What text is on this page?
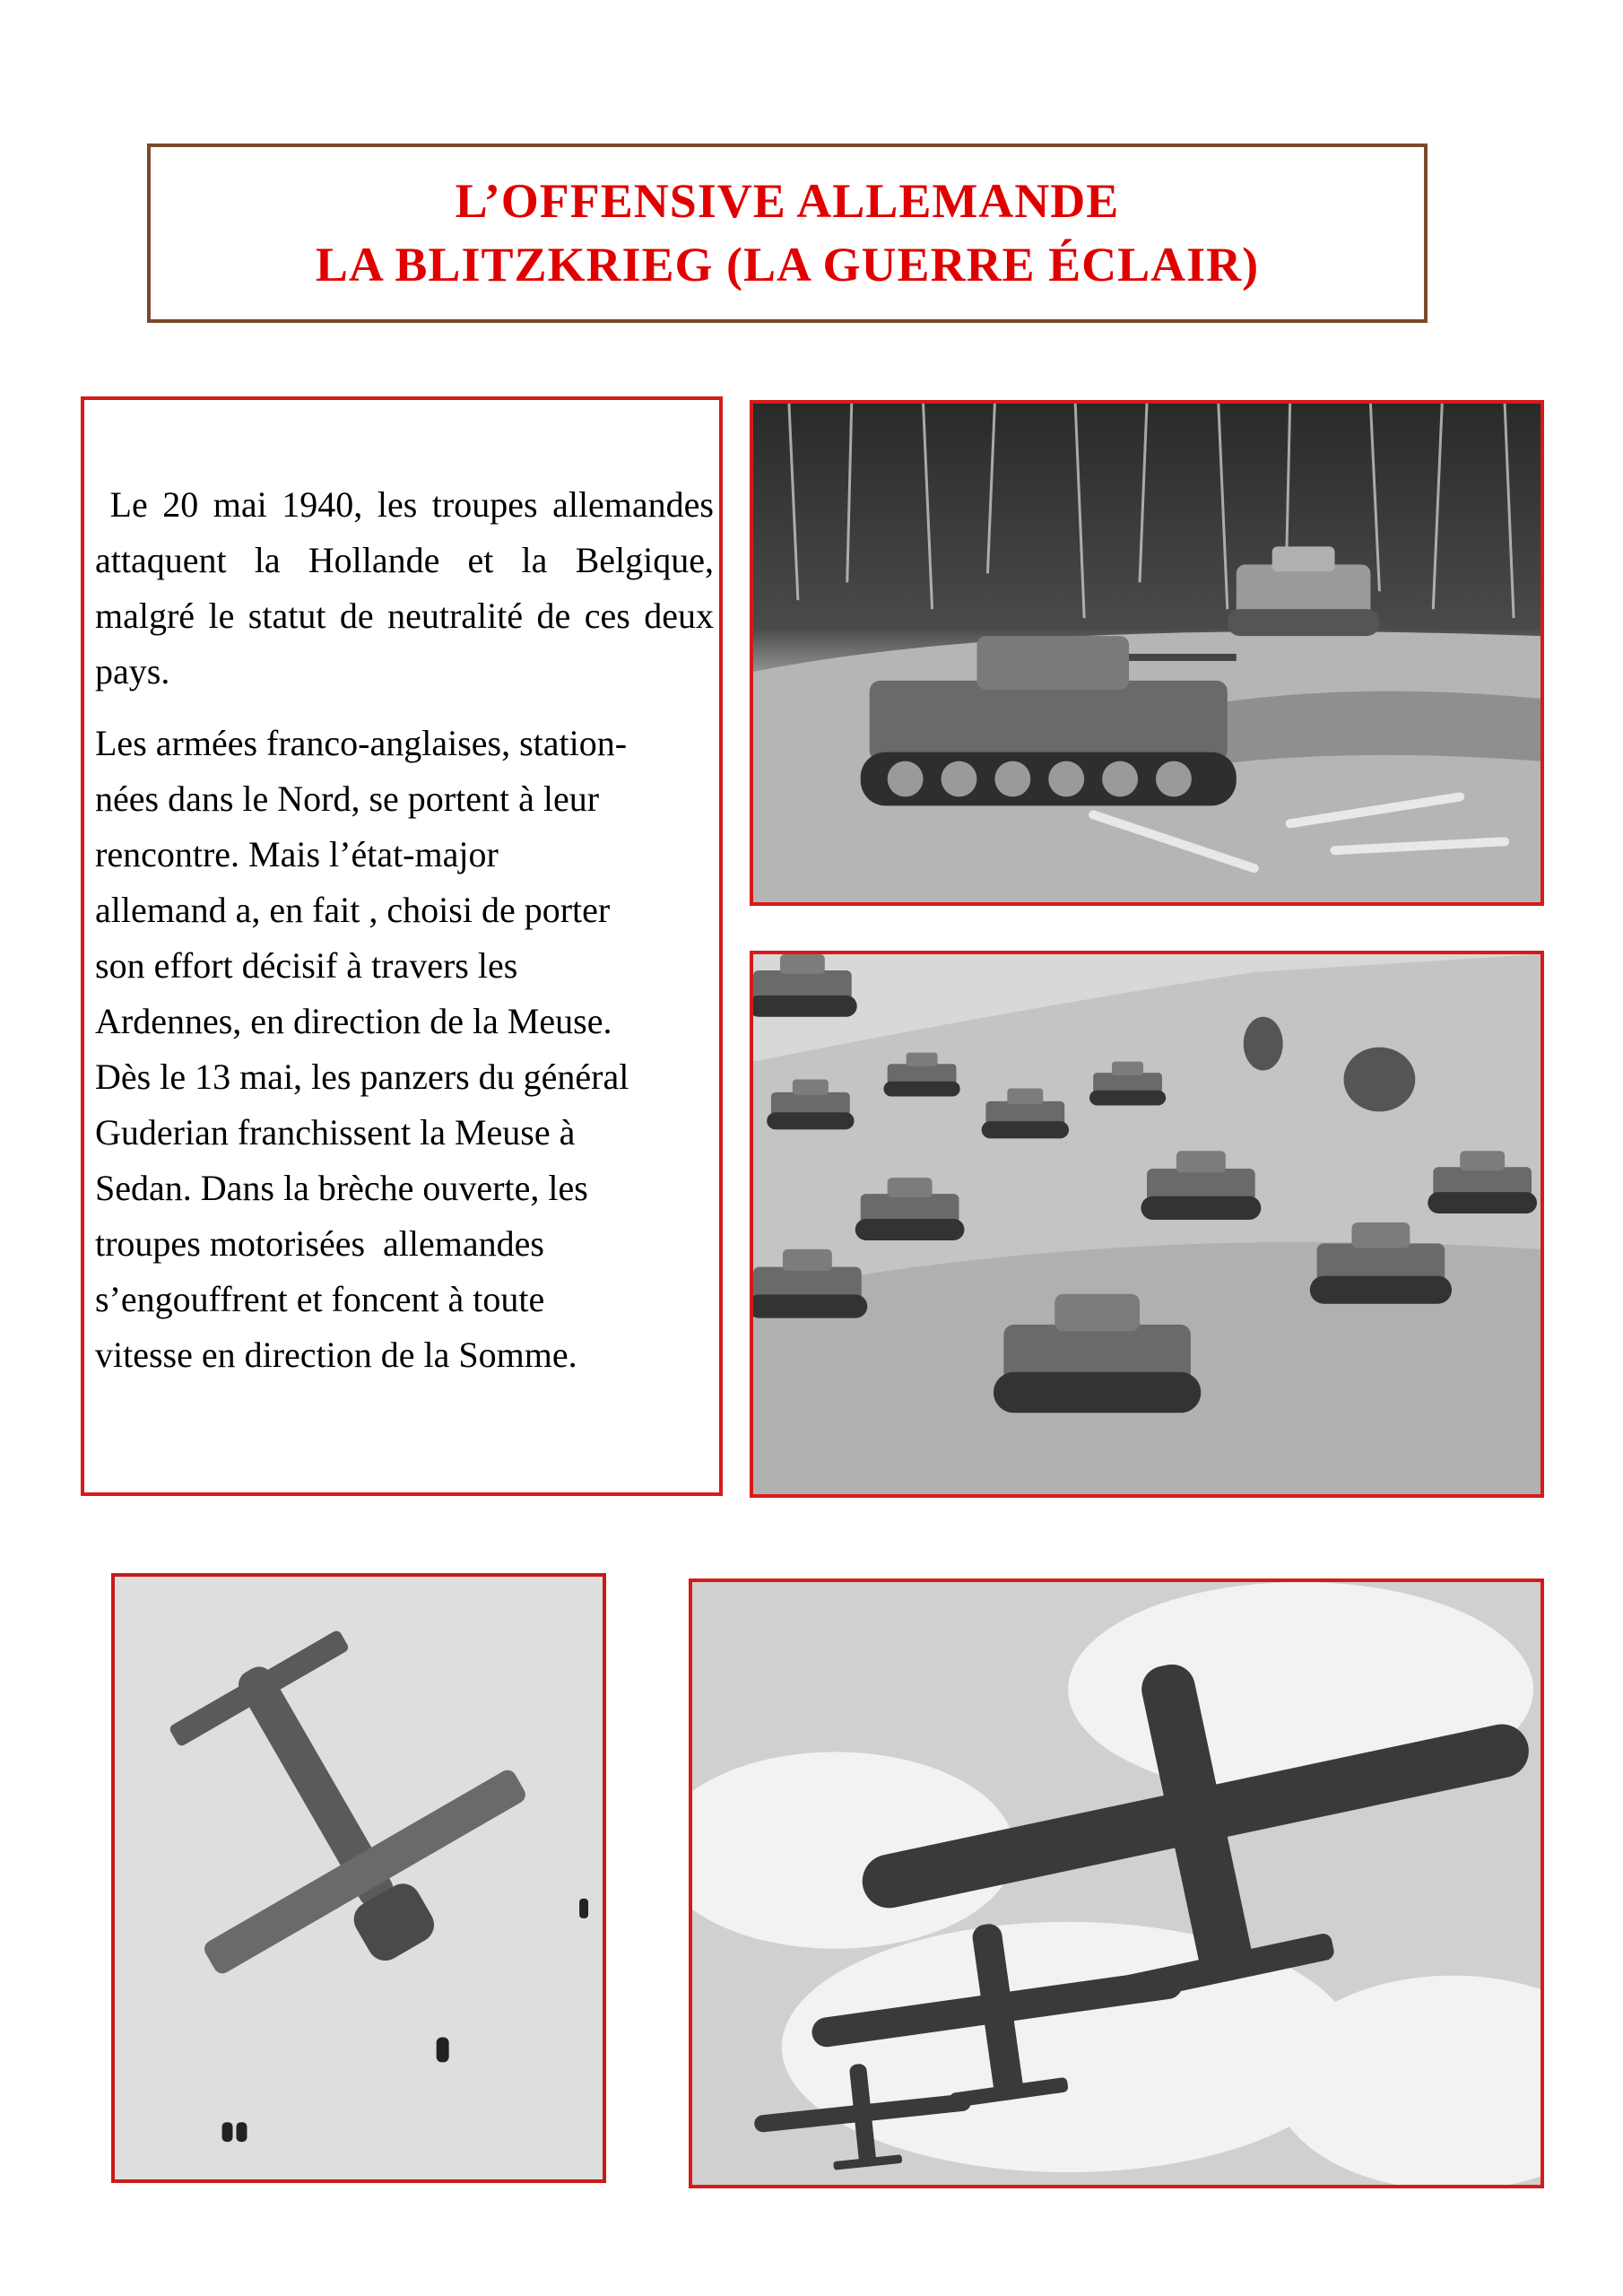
L’OFFENSIVE ALLEMANDE
LA BLITZKRIEG (LA GUERRE ÉCLAIR)

Le 20 mai 1940, les troupes allemandes attaquent la Hollande et la Belgique, malgré le statut de neutralité de ces deux pays.

Les armées franco-anglaises, station-
nées dans le Nord, se portent à leur
rencontre. Mais l’état-major
allemand a, en fait , choisi de porter
son effort décisif à travers les
Ardennes, en direction de la Meuse.
Dès le 13 mai, les panzers du général
Guderian franchissent la Meuse à
Sedan. Dans la brèche ouverte, les
troupes motorisées  allemandes
s’engouffrent et foncent à toute
vitesse en direction de la Somme.
